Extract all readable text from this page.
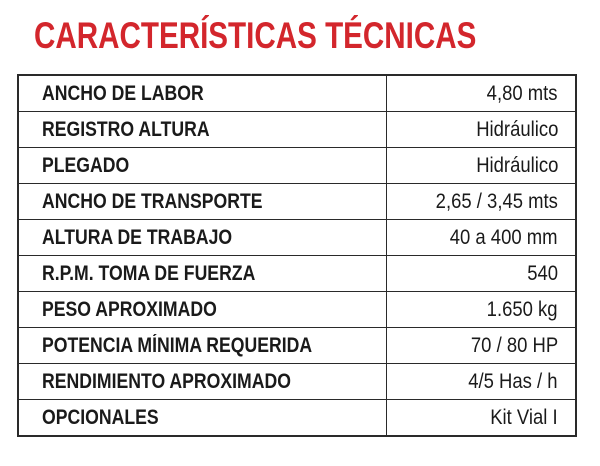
CARACTERÍSTICAS TÉCNICAS
ANCHO DE LABOR	4,80 mts
REGISTRO ALTURA	Hidráulico
PLEGADO	Hidráulico
ANCHO DE TRANSPORTE	2,65 / 3,45 mts
ALTURA DE TRABAJO	40 a 400 mm
R.P.M. TOMA DE FUERZA	540
PESO APROXIMADO	1.650 kg
POTENCIA MÍNIMA REQUERIDA	70 / 80 HP
RENDIMIENTO APROXIMADO	4/5 Has / h
OPCIONALES	Kit Vial I
